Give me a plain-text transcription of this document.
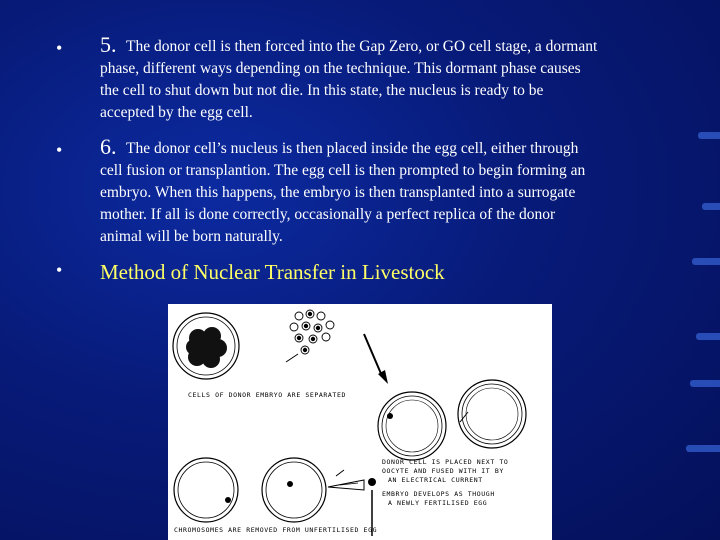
• 5. The donor cell is then forced into the Gap Zero, or GO cell stage, a dormant

phase, different ways depending on the technique. This dormant phase causes

the cell to shut down but not die. In this state, the nucleus is ready to be

accepted by the egg cell.

• 6. The donor cell’s nucleus is then placed inside the egg cell, either through

cell fusion or transplantion. The egg cell is then prompted to begin forming an

embryo. When this happens, the embryo is then transplanted into a surrogate

mother. If all is done correctly, occasionally a perfect replica of the donor

animal will be born naturally.

• Method of Nuclear Transfer in Livestock
CELLS OF DONOR EMBRYO ARE SEPARATED
DONOR CELL IS PLACED NEXT TO
OOCYTE AND FUSED WITH IT BY
AN ELECTRICAL CURRENT
EMBRYO DEVELOPS AS THOUGH
A NEWLY FERTILISED EGG
CHROMOSOMES ARE REMOVED FROM UNFERTILISED EGG
